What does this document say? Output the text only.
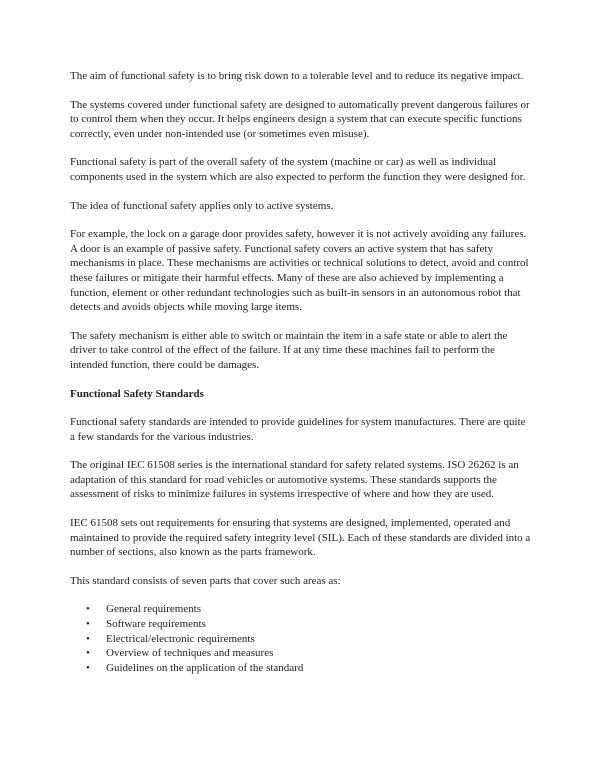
The aim of functional safety is to bring risk down to a tolerable level and to reduce its negative impact.

The systems covered under functional safety are designed to automatically prevent dangerous failures or to control them when they occur. It helps engineers design a system that can execute specific functions correctly, even under non-intended use (or sometimes even misuse).

Functional safety is part of the overall safety of the system (machine or car) as well as individual components used in the system which are also expected to perform the function they were designed for.

The idea of functional safety applies only to active systems.

For example, the lock on a garage door provides safety, however it is not actively avoiding any failures. A door is an example of passive safety. Functional safety covers an active system that has safety mechanisms in place. These mechanisms are activities or technical solutions to detect, avoid and control these failures or mitigate their harmful effects. Many of these are also achieved by implementing a function, element or other redundant technologies such as built-in sensors in an autonomous robot that detects and avoids objects while moving large items.

The safety mechanism is either able to switch or maintain the item in a safe state or able to alert the driver to take control of the effect of the failure. If at any time these machines fail to perform the intended function, there could be damages.

Functional Safety Standards

Functional safety standards are intended to provide guidelines for system manufactures. There are quite a few standards for the various industries.

The original IEC 61508 series is the international standard for safety related systems. ISO 26262 is an adaptation of this standard for road vehicles or automotive systems. These standards supports the assessment of risks to minimize failures in systems irrespective of where and how they are used.

IEC 61508 sets out requirements for ensuring that systems are designed, implemented, operated and maintained to provide the required safety integrity level (SIL). Each of these standards are divided into a number of sections, also known as the parts framework.

This standard consists of seven parts that cover such areas as:

• General requirements
• Software requirements
• Electrical/electronic requirements
• Overview of techniques and measures
• Guidelines on the application of the standard
